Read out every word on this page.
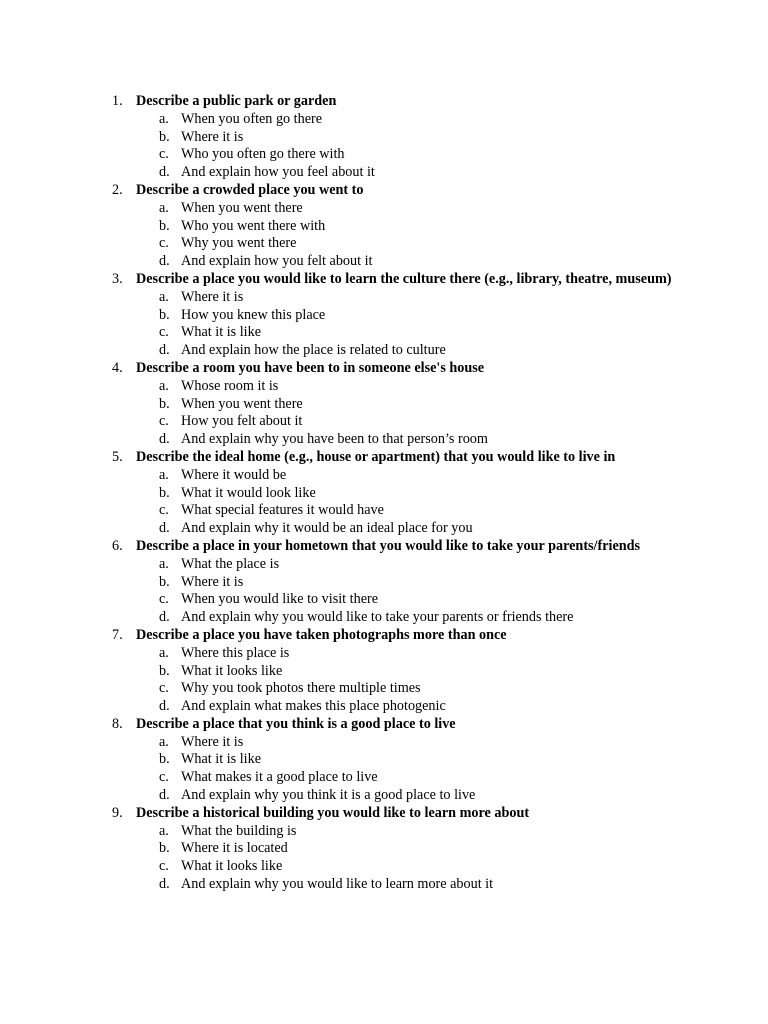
1. Describe a public park or garden
a. When you often go there
b. Where it is
c. Who you often go there with
d. And explain how you feel about it
2. Describe a crowded place you went to
a. When you went there
b. Who you went there with
c. Why you went there
d. And explain how you felt about it
3. Describe a place you would like to learn the culture there (e.g., library, theatre, museum)
a. Where it is
b. How you knew this place
c. What it is like
d. And explain how the place is related to culture
4. Describe a room you have been to in someone else's house
a. Whose room it is
b. When you went there
c. How you felt about it
d. And explain why you have been to that person’s room
5. Describe the ideal home (e.g., house or apartment) that you would like to live in
a. Where it would be
b. What it would look like
c. What special features it would have
d. And explain why it would be an ideal place for you
6. Describe a place in your hometown that you would like to take your parents/friends
a. What the place is
b. Where it is
c. When you would like to visit there
d. And explain why you would like to take your parents or friends there
7. Describe a place you have taken photographs more than once
a. Where this place is
b. What it looks like
c. Why you took photos there multiple times
d. And explain what makes this place photogenic
8. Describe a place that you think is a good place to live
a. Where it is
b. What it is like
c. What makes it a good place to live
d. And explain why you think it is a good place to live
9. Describe a historical building you would like to learn more about
a. What the building is
b. Where it is located
c. What it looks like
d. And explain why you would like to learn more about it
